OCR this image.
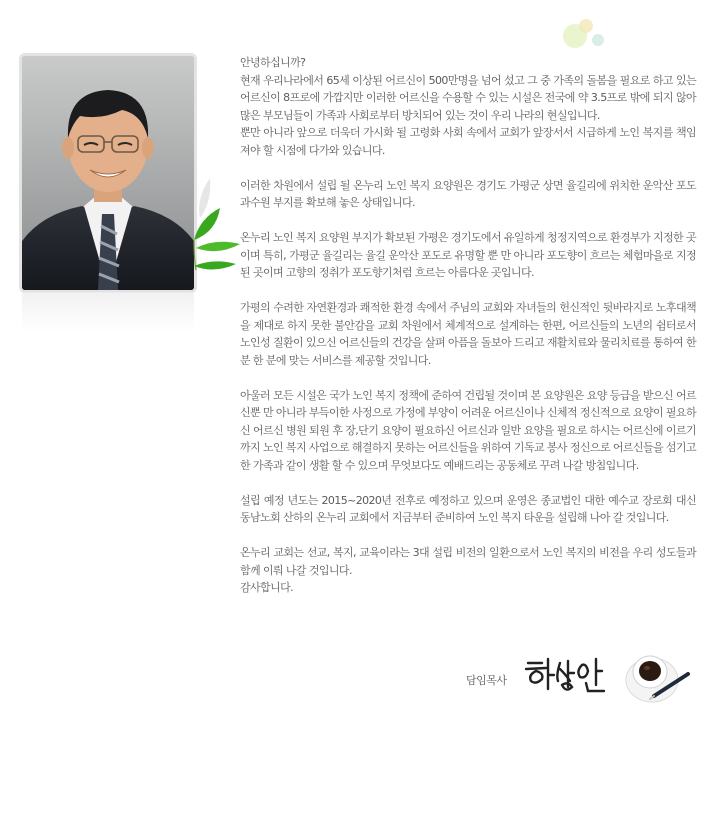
안녕하십니까?
현재 우리나라에서 65세 이상된 어르신이 500만명을 넘어 섰고 그 중 가족의 돌봄을 필요로 하고 있는 어르신이 8프로에 가깝지만 이러한 어르신을 수용할 수 있는 시설은 전국에 약 3.5프로 밖에 되지 않아 많은 부모님들이 가족과 사회로부터 방치되어 있는 것이 우리 나라의 현실입니다.
뿐만 아니라 앞으로 더욱더 가시화 될 고령화 사회 속에서 교회가 앞장서서 시급하게 노인 복지를 책임져야 할 시점에 다가와 있습니다.

이러한 차원에서 설립 될 온누리 노인 복지 요양원은 경기도 가평군 상면 율길리에 위치한 운악산 포도 과수원 부지를 확보해 놓은 상태입니다.

온누리 노인 복지 요양원 부지가 확보된 가평은 경기도에서 유일하게 청정지역으로 환경부가 지정한 곳이며 특히, 가평군 율길리는 율길 운악산 포도로 유명할 뿐 만 아니라 포도향이 흐르는 체험마을로 지정된 곳이며 고향의 정취가 포도향기처럼 흐르는 아름다운 곳입니다.

가평의 수려한 자연환경과 쾌적한 환경 속에서 주님의 교회와 자녀들의 헌신적인 뒷바라지로 노후대책을 제대로 하지 못한 불안감을 교회 차원에서 체계적으로 설계하는 한편, 어르신들의 노년의 쉼터로서 노인성 질환이 있으신 어르신들의 건강을 살펴 아픔을 돌보아 드리고 재활치료와 물리치료를 통하여 한 분 한 분에 맞는 서비스를 제공할 것입니다.

아울러 모든 시설은 국가 노인 복지 정책에 준하여 건립될 것이며 본 요양원은 요양 등급을 받으신 어르신뿐 만 아니라 부득이한 사정으로 가정에 부양이 어려운 어르신이나 신체적 정신적으로 요양이 필요하신 어르신 병원 퇴원 후 장,단기 요양이 필요하신 어르신과 일반 요양을 필요로 하시는 어르신에 이르기까지 노인 복지 사업으로 해결하지 못하는 어르신들을 위하여 기독교 봉사 정신으로 어르신들을 섬기고 한 가족과 같이 생활 할 수 있으며 무엇보다도 예배드리는 공동체로 꾸려 나갈 방침입니다.

설립 예정 년도는 2015~2020년 전후로 예정하고 있으며 운영은 종교법인 대한 예수교 장로회 대신 동남노회 산하의 온누리 교회에서 지금부터 준비하여 노인 복지 타운을 설립해 나아 갈 것입니다.

온누리 교회는 선교, 복지, 교육이라는 3대 설립 비전의 일환으로서 노인 복지의 비전을 우리 성도들과 함께 이뤄 나갈 것입니다.
감사합니다.

담임목사
